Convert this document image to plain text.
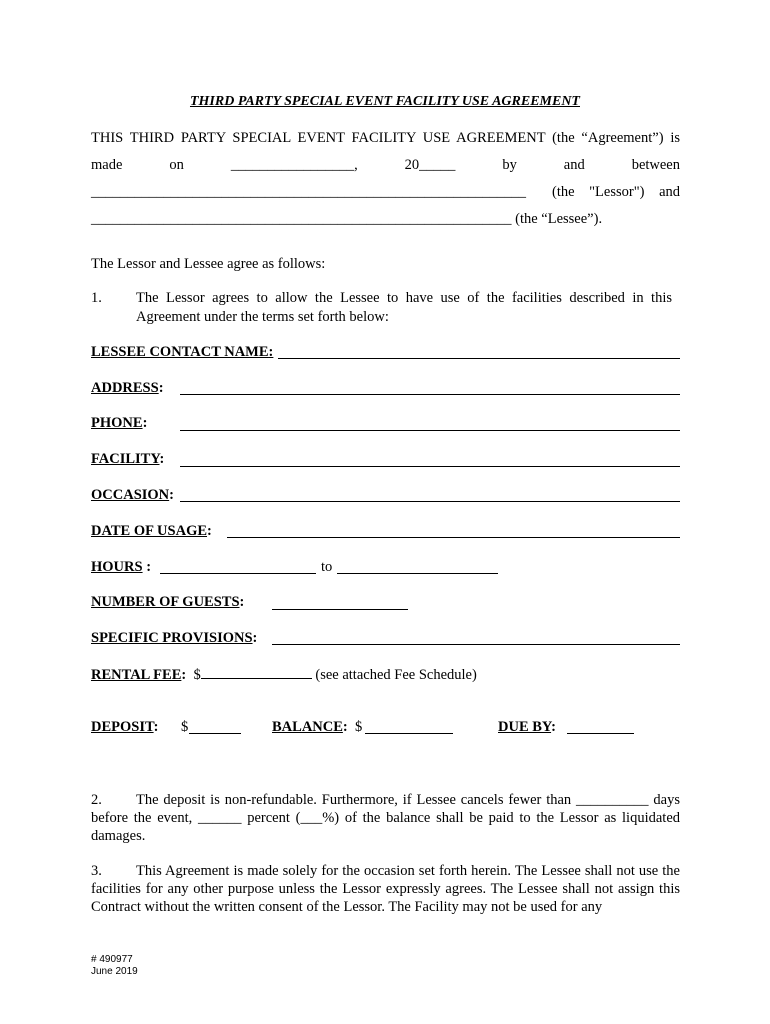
THIRD PARTY SPECIAL EVENT FACILITY USE AGREEMENT
THIS THIRD PARTY SPECIAL EVENT FACILITY USE AGREEMENT (the “Agreement”) is
made	on	_________________,	20_____	by	and	between
____________________________________________________________ (the "Lessor") and
__________________________________________________________ (the “Lessee”).
The Lessor and Lessee agree as follows:
1. The Lessor agrees to allow the Lessee to have use of the facilities described in this
Agreement under the terms set forth below:
LESSEE CONTACT NAME:
ADDRESS:
PHONE:
FACILITY:
OCCASION:
DATE OF USAGE:
HOURS :	to
NUMBER OF GUESTS:
SPECIFIC PROVISIONS:
RENTAL FEE: $	(see attached Fee Schedule)
DEPOSIT: $	BALANCE: $	DUE BY:
2. The deposit is non-refundable. Furthermore, if Lessee cancels fewer than __________ days before the event, ______ percent (___%) of the balance shall be paid to the Lessor as liquidated damages.
3. This Agreement is made solely for the occasion set forth herein. The Lessee shall not use the facilities for any other purpose unless the Lessor expressly agrees. The Lessee shall not assign this Contract without the written consent of the Lessor. The Facility may not be used for any
# 490977
June 2019
